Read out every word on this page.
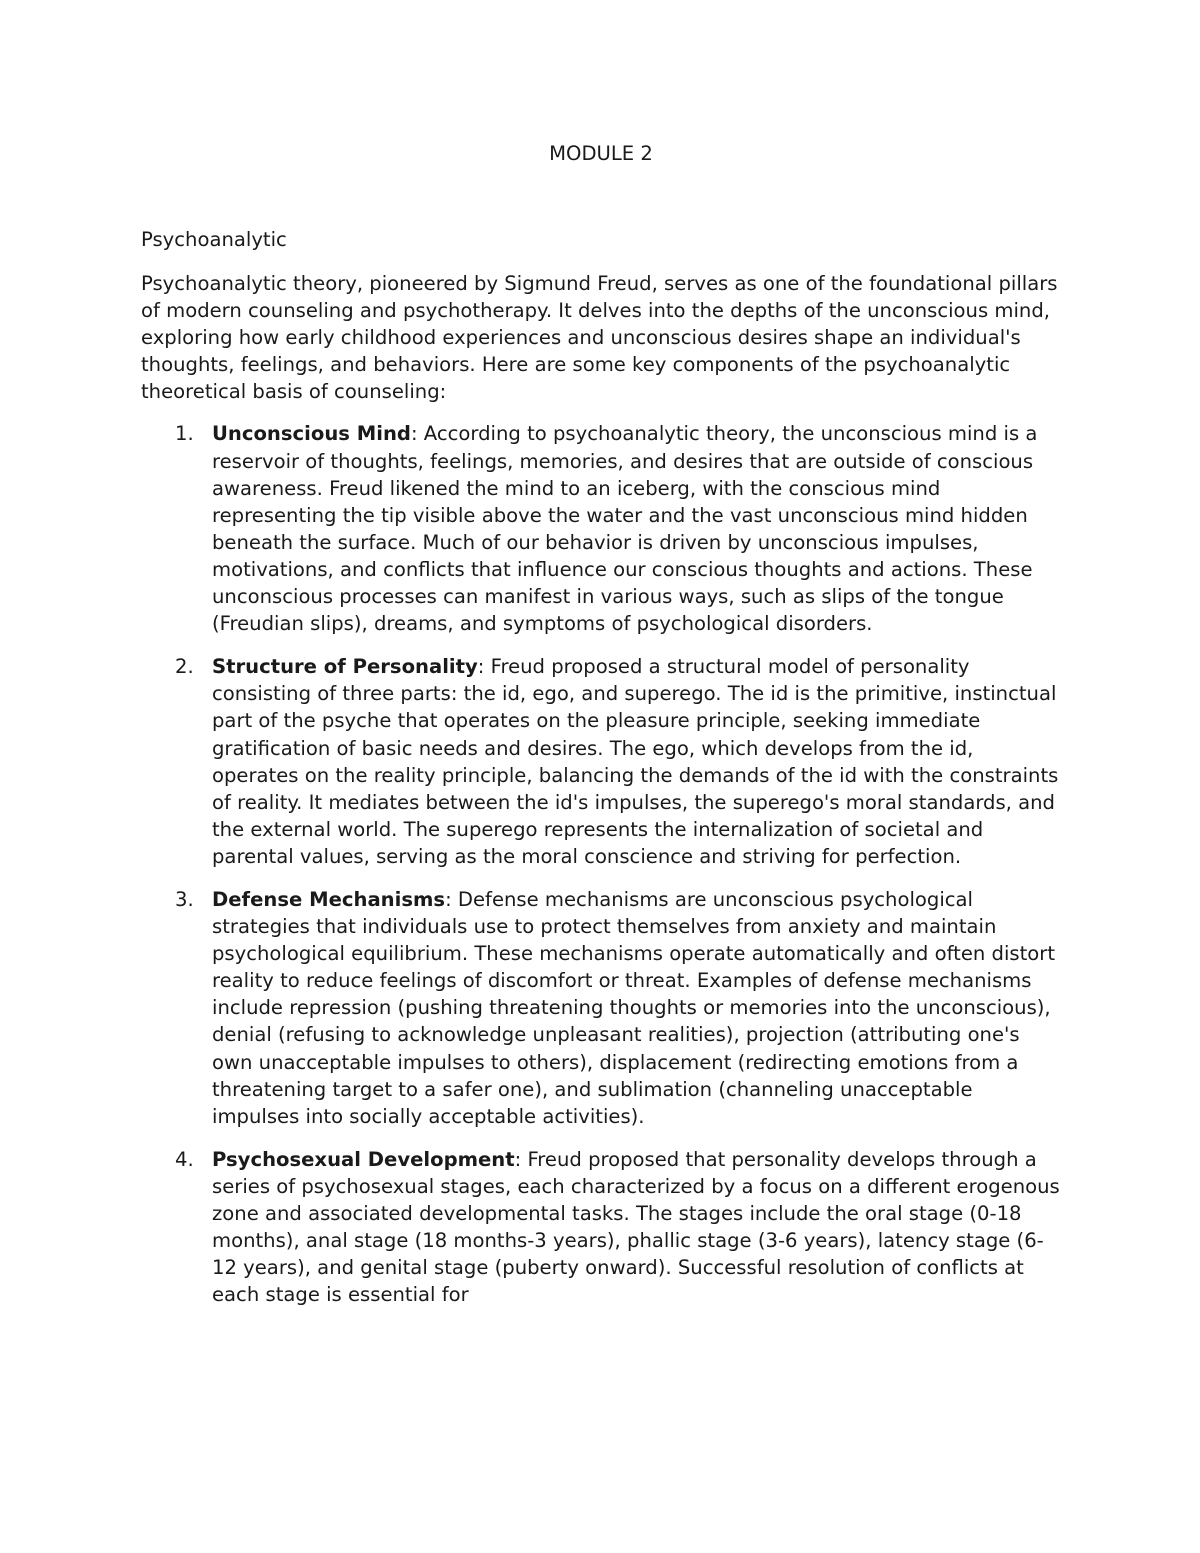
MODULE 2
Psychoanalytic

Psychoanalytic theory, pioneered by Sigmund Freud, serves as one of the foundational pillars of modern counseling and psychotherapy. It delves into the depths of the unconscious mind, exploring how early childhood experiences and unconscious desires shape an individual's thoughts, feelings, and behaviors. Here are some key components of the psychoanalytic theoretical basis of counseling:

1. Unconscious Mind: According to psychoanalytic theory, the unconscious mind is a reservoir of thoughts, feelings, memories, and desires that are outside of conscious awareness. Freud likened the mind to an iceberg, with the conscious mind representing the tip visible above the water and the vast unconscious mind hidden beneath the surface. Much of our behavior is driven by unconscious impulses, motivations, and conflicts that influence our conscious thoughts and actions. These unconscious processes can manifest in various ways, such as slips of the tongue (Freudian slips), dreams, and symptoms of psychological disorders.
2. Structure of Personality: Freud proposed a structural model of personality consisting of three parts: the id, ego, and superego. The id is the primitive, instinctual part of the psyche that operates on the pleasure principle, seeking immediate gratification of basic needs and desires. The ego, which develops from the id, operates on the reality principle, balancing the demands of the id with the constraints of reality. It mediates between the id's impulses, the superego's moral standards, and the external world. The superego represents the internalization of societal and parental values, serving as the moral conscience and striving for perfection.
3. Defense Mechanisms: Defense mechanisms are unconscious psychological strategies that individuals use to protect themselves from anxiety and maintain psychological equilibrium. These mechanisms operate automatically and often distort reality to reduce feelings of discomfort or threat. Examples of defense mechanisms include repression (pushing threatening thoughts or memories into the unconscious), denial (refusing to acknowledge unpleasant realities), projection (attributing one's own unacceptable impulses to others), displacement (redirecting emotions from a threatening target to a safer one), and sublimation (channeling unacceptable impulses into socially acceptable activities).
4. Psychosexual Development: Freud proposed that personality develops through a series of psychosexual stages, each characterized by a focus on a different erogenous zone and associated developmental tasks. The stages include the oral stage (0-18 months), anal stage (18 months-3 years), phallic stage (3-6 years), latency stage (6-12 years), and genital stage (puberty onward). Successful resolution of conflicts at each stage is essential for
